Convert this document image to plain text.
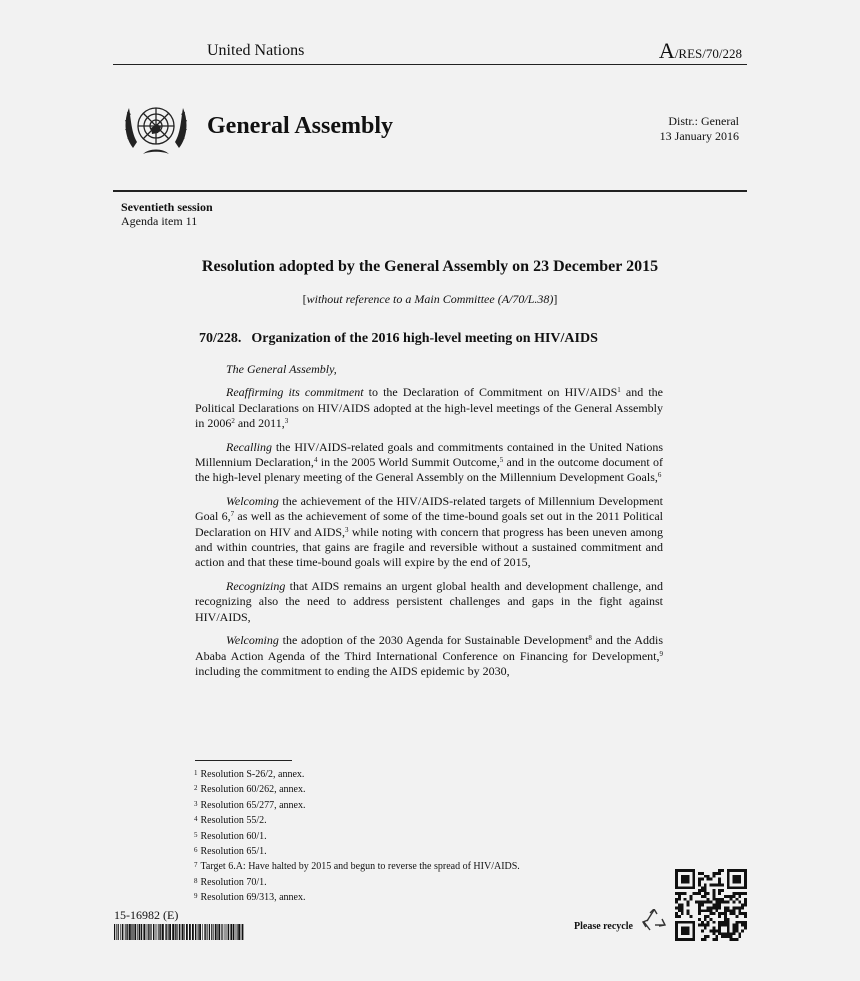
United Nations	A/RES/70/228
General Assembly	Distr.: General
13 January 2016
Seventieth session
Agenda item 11
Resolution adopted by the General Assembly on 23 December 2015
[without reference to a Main Committee (A/70/L.38)]
70/228. Organization of the 2016 high-level meeting on HIV/AIDS

The General Assembly,

Reaffirming its commitment to the Declaration of Commitment on HIV/AIDS$^1$ and the Political Declarations on HIV/AIDS adopted at the high-level meetings of the General Assembly in 2006$^2$ and 2011,$^3$

Recalling the HIV/AIDS-related goals and commitments contained in the United Nations Millennium Declaration,$^4$ in the 2005 World Summit Outcome,$^5$ and in the outcome document of the high-level plenary meeting of the General Assembly on the Millennium Development Goals,$^6$

Welcoming the achievement of the HIV/AIDS-related targets of Millennium Development Goal 6,$^7$ as well as the achievement of some of the time-bound goals set out in the 2011 Political Declaration on HIV and AIDS,$^3$ while noting with concern that progress has been uneven among and within countries, that gains are fragile and reversible without a sustained commitment and action and that these time-bound goals will expire by the end of 2015,

Recognizing that AIDS remains an urgent global health and development challenge, and recognizing also the need to address persistent challenges and gaps in the fight against HIV/AIDS,

Welcoming the adoption of the 2030 Agenda for Sustainable Development$^8$ and the Addis Ababa Action Agenda of the Third International Conference on Financing for Development,$^9$ including the commitment to ending the AIDS epidemic by 2030,

$^1$ Resolution S-26/2, annex.
$^2$ Resolution 60/262, annex.
$^3$ Resolution 65/277, annex.
$^4$ Resolution 55/2.
$^5$ Resolution 60/1.
$^6$ Resolution 65/1.
$^7$ Target 6.A: Have halted by 2015 and begun to reverse the spread of HIV/AIDS.
$^8$ Resolution 70/1.
$^9$ Resolution 69/313, annex.
15-16982 (E)
Please recycle
